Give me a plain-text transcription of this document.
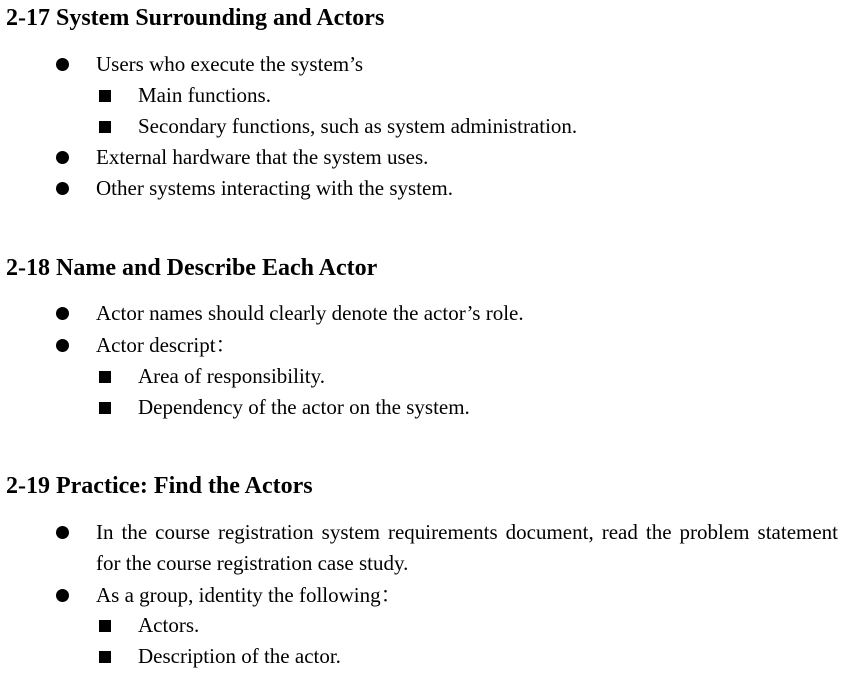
2-17 System Surrounding and Actors
Users who execute the system’s
Main functions.
Secondary functions, such as system administration.
External hardware that the system uses.
Other systems interacting with the system.
2-18 Name and Describe Each Actor
Actor names should clearly denote the actor’s role.
Actor descript：
Area of responsibility.
Dependency of the actor on the system.
2-19 Practice: Find the Actors
In the course registration system requirements document, read the problem statement for the course registration case study.
As a group, identity the following：
Actors.
Description of the actor.
